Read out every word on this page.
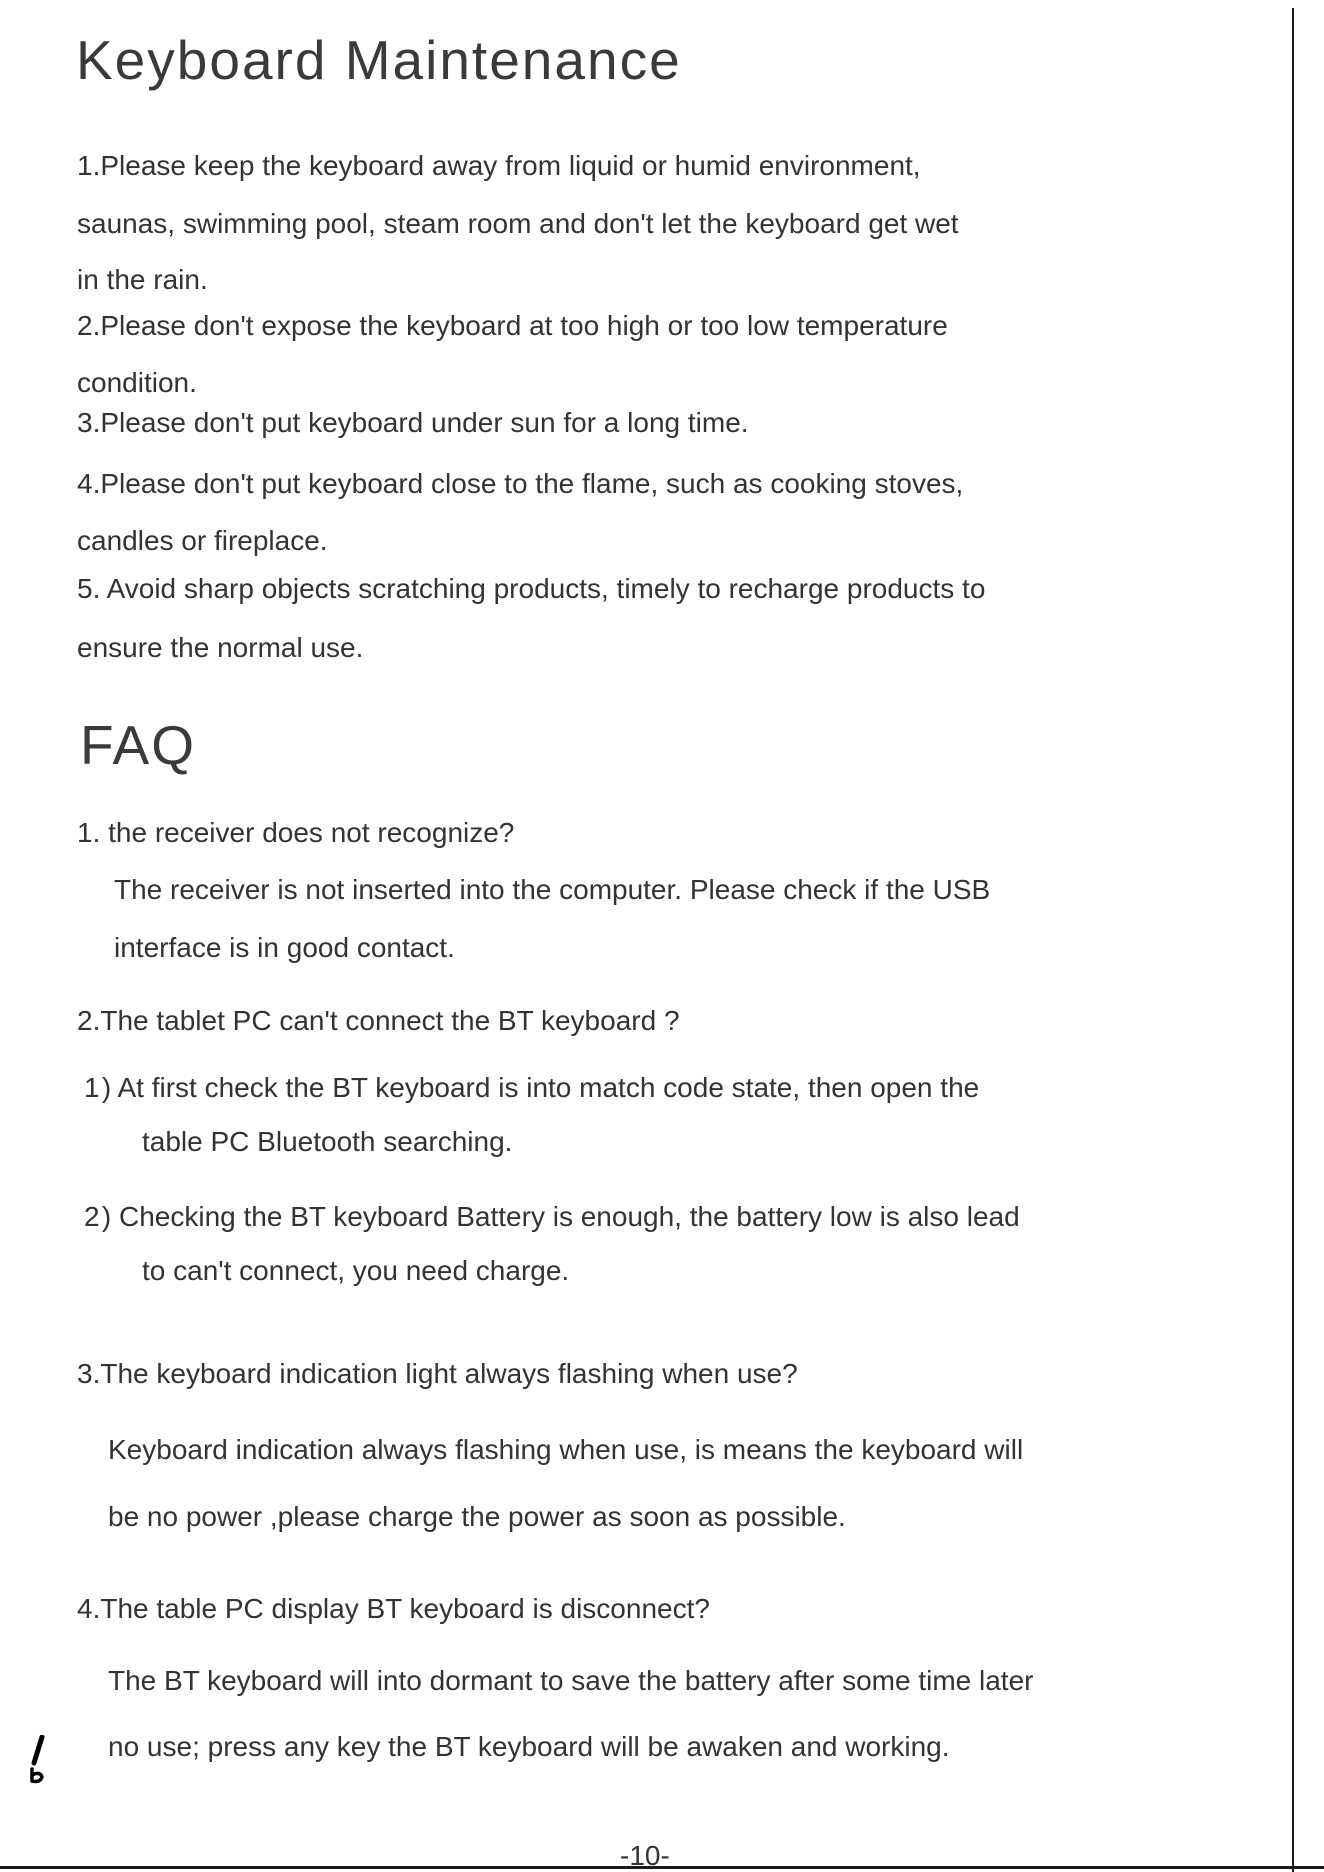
Keyboard Maintenance
1.Please keep the keyboard away from liquid or humid environment,
saunas, swimming pool, steam room and don't let the keyboard get wet
in the rain.
2.Please don't expose the keyboard at too high or too low temperature
condition.
3.Please don't put keyboard under sun for a long time.
4.Please don't put keyboard close to the flame, such as cooking stoves,
candles or fireplace.
5. Avoid sharp objects scratching products, timely to recharge products to
ensure the normal use.
FAQ
1. the receiver does not recognize?
The receiver is not inserted into the computer. Please check if the USB
interface is in good contact.
2.The tablet PC can't connect the BT keyboard ?
1 ) At first check the BT keyboard is into match code state, then open the
table PC Bluetooth searching.
2 ) Checking the BT keyboard Battery is enough, the battery low is also lead
to can't connect, you need charge.
3.The keyboard indication light always flashing when use?
Keyboard indication always flashing when use, is means the keyboard will
be no power ,please charge the power as soon as possible.
4.The table PC display BT keyboard is disconnect?
The BT keyboard will into dormant to save the battery after some time later
no use; press any key the BT keyboard will be awaken and working.
-10-
